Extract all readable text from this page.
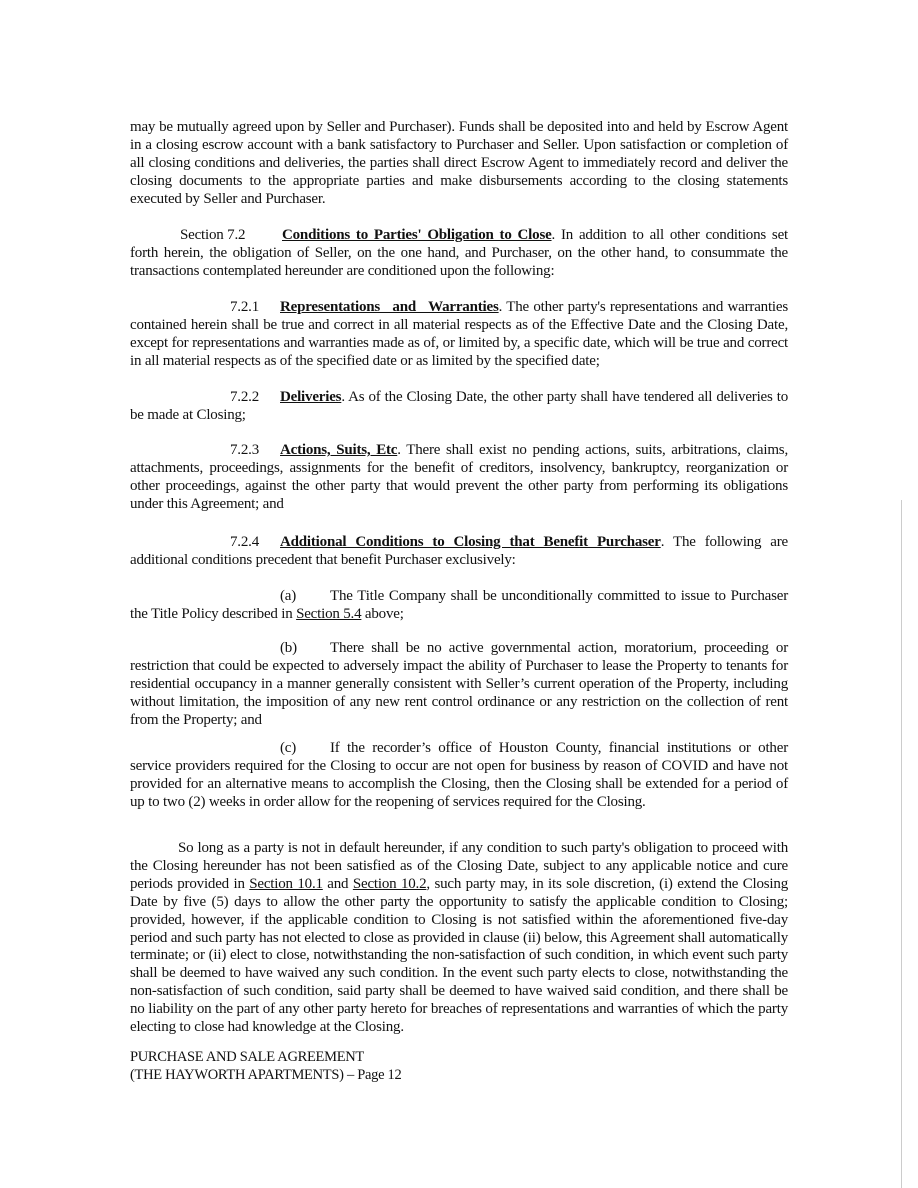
may be mutually agreed upon by Seller and Purchaser). Funds shall be deposited into and held by Escrow Agent in a closing escrow account with a bank satisfactory to Purchaser and Seller. Upon satisfaction or completion of all closing conditions and deliveries, the parties shall direct Escrow Agent to immediately record and deliver the closing documents to the appropriate parties and make disbursements according to the closing statements executed by Seller and Purchaser.

Section 7.2 Conditions to Parties' Obligation to Close. In addition to all other conditions set forth herein, the obligation of Seller, on the one hand, and Purchaser, on the other hand, to consummate the transactions contemplated hereunder are conditioned upon the following:

7.2.1 Representations and Warranties. The other party's representations and warranties contained herein shall be true and correct in all material respects as of the Effective Date and the Closing Date, except for representations and warranties made as of, or limited by, a specific date, which will be true and correct in all material respects as of the specified date or as limited by the specified date;

7.2.2 Deliveries. As of the Closing Date, the other party shall have tendered all deliveries to be made at Closing;

7.2.3 Actions, Suits, Etc. There shall exist no pending actions, suits, arbitrations, claims, attachments, proceedings, assignments for the benefit of creditors, insolvency, bankruptcy, reorganization or other proceedings, against the other party that would prevent the other party from performing its obligations under this Agreement; and

7.2.4 Additional Conditions to Closing that Benefit Purchaser. The following are additional conditions precedent that benefit Purchaser exclusively:

(a) The Title Company shall be unconditionally committed to issue to Purchaser the Title Policy described in Section 5.4 above;

(b) There shall be no active governmental action, moratorium, proceeding or restriction that could be expected to adversely impact the ability of Purchaser to lease the Property to tenants for residential occupancy in a manner generally consistent with Seller’s current operation of the Property, including without limitation, the imposition of any new rent control ordinance or any restriction on the collection of rent from the Property; and

(c) If the recorder’s office of Houston County, financial institutions or other service providers required for the Closing to occur are not open for business by reason of COVID and have not provided for an alternative means to accomplish the Closing, then the Closing shall be extended for a period of up to two (2) weeks in order allow for the reopening of services required for the Closing.

So long as a party is not in default hereunder, if any condition to such party's obligation to proceed with the Closing hereunder has not been satisfied as of the Closing Date, subject to any applicable notice and cure periods provided in Section 10.1 and Section 10.2, such party may, in its sole discretion, (i) extend the Closing Date by five (5) days to allow the other party the opportunity to satisfy the applicable condition to Closing; provided, however, if the applicable condition to Closing is not satisfied within the aforementioned five-day period and such party has not elected to close as provided in clause (ii) below, this Agreement shall automatically terminate; or (ii) elect to close, notwithstanding the non-satisfaction of such condition, in which event such party shall be deemed to have waived any such condition. In the event such party elects to close, notwithstanding the non-satisfaction of such condition, said party shall be deemed to have waived said condition, and there shall be no liability on the part of any other party hereto for breaches of representations and warranties of which the party electing to close had knowledge at the Closing.

PURCHASE AND SALE AGREEMENT
(THE HAYWORTH APARTMENTS) – Page 12
